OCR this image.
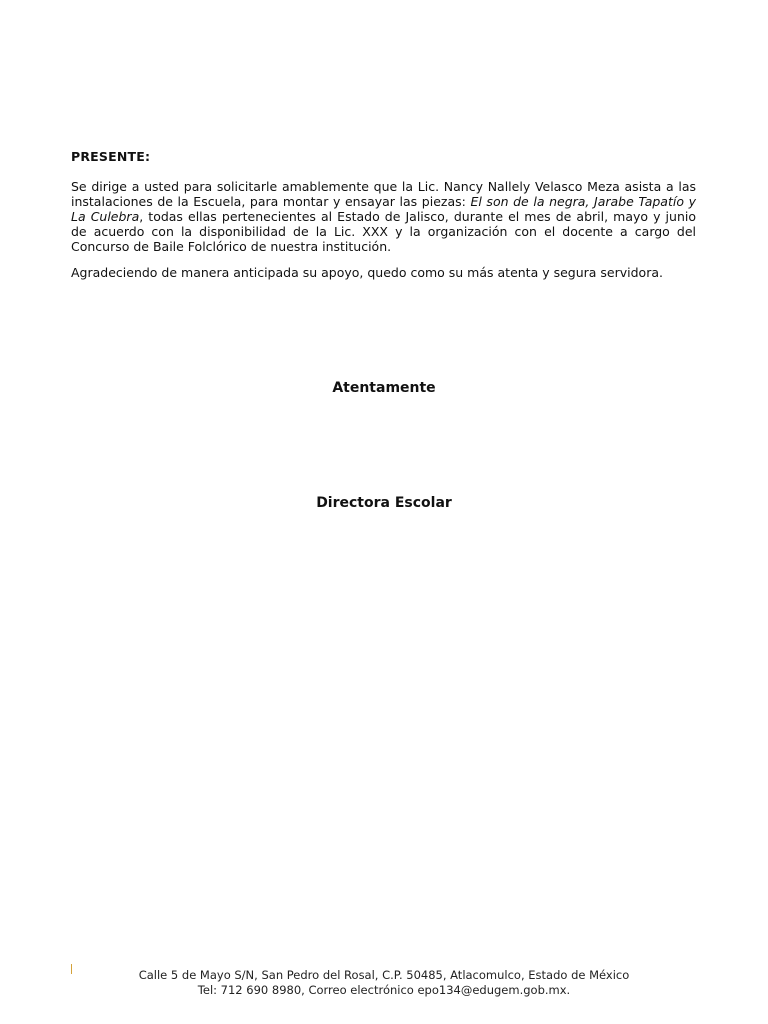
PRESENTE:
Se dirige a usted para solicitarle amablemente que la Lic. Nancy Nallely Velasco Meza asista a las instalaciones de la Escuela, para montar y ensayar las piezas: El son de la negra, Jarabe Tapatío y La Culebra, todas ellas pertenecientes al Estado de Jalisco, durante el mes de abril, mayo y junio de acuerdo con la disponibilidad de la Lic. XXX y la organización con el docente a cargo del Concurso de Baile Folclórico de nuestra institución.
Agradeciendo de manera anticipada su apoyo, quedo como su más atenta y segura servidora.
Atentamente
Directora Escolar
Calle 5 de Mayo S/N, San Pedro del Rosal, C.P. 50485, Atlacomulco, Estado de México
Tel: 712 690 8980, Correo electrónico epo134@edugem.gob.mx.
